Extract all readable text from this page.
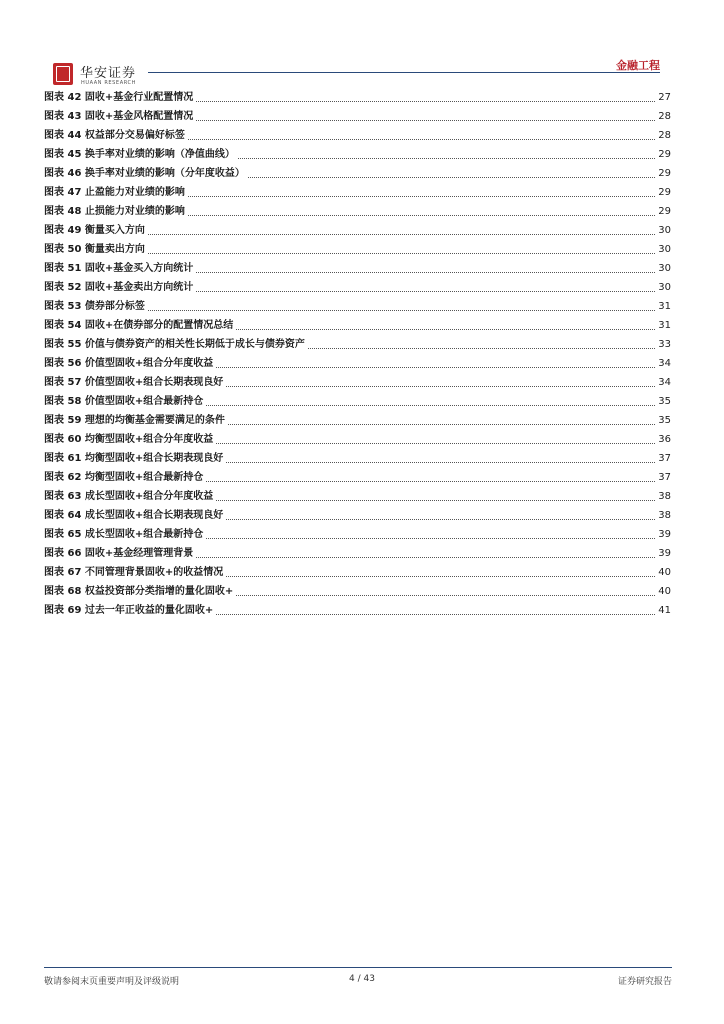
华安证券
HUAAN RESEARCH
金融工程
图表 42 固收+基金行业配置情况	27
图表 43 固收+基金风格配置情况	28
图表 44 权益部分交易偏好标签	28
图表 45 换手率对业绩的影响（净值曲线）	29
图表 46 换手率对业绩的影响（分年度收益）	29
图表 47 止盈能力对业绩的影响	29
图表 48 止损能力对业绩的影响	29
图表 49 衡量买入方向	30
图表 50 衡量卖出方向	30
图表 51 固收+基金买入方向统计	30
图表 52 固收+基金卖出方向统计	30
图表 53 债券部分标签	31
图表 54 固收+在债券部分的配置情况总结	31
图表 55 价值与债券资产的相关性长期低于成长与债券资产	33
图表 56 价值型固收+组合分年度收益	34
图表 57 价值型固收+组合长期表现良好	34
图表 58 价值型固收+组合最新持仓	35
图表 59 理想的均衡基金需要满足的条件	35
图表 60 均衡型固收+组合分年度收益	36
图表 61 均衡型固收+组合长期表现良好	37
图表 62 均衡型固收+组合最新持仓	37
图表 63 成长型固收+组合分年度收益	38
图表 64 成长型固收+组合长期表现良好	38
图表 65 成长型固收+组合最新持仓	39
图表 66 固收+基金经理管理背景	39
图表 67 不同管理背景固收+的收益情况	40
图表 68 权益投资部分类指增的量化固收+	40
图表 69 过去一年正收益的量化固收+	41
敬请参阅末页重要声明及评级说明	4 / 43	证券研究报告
